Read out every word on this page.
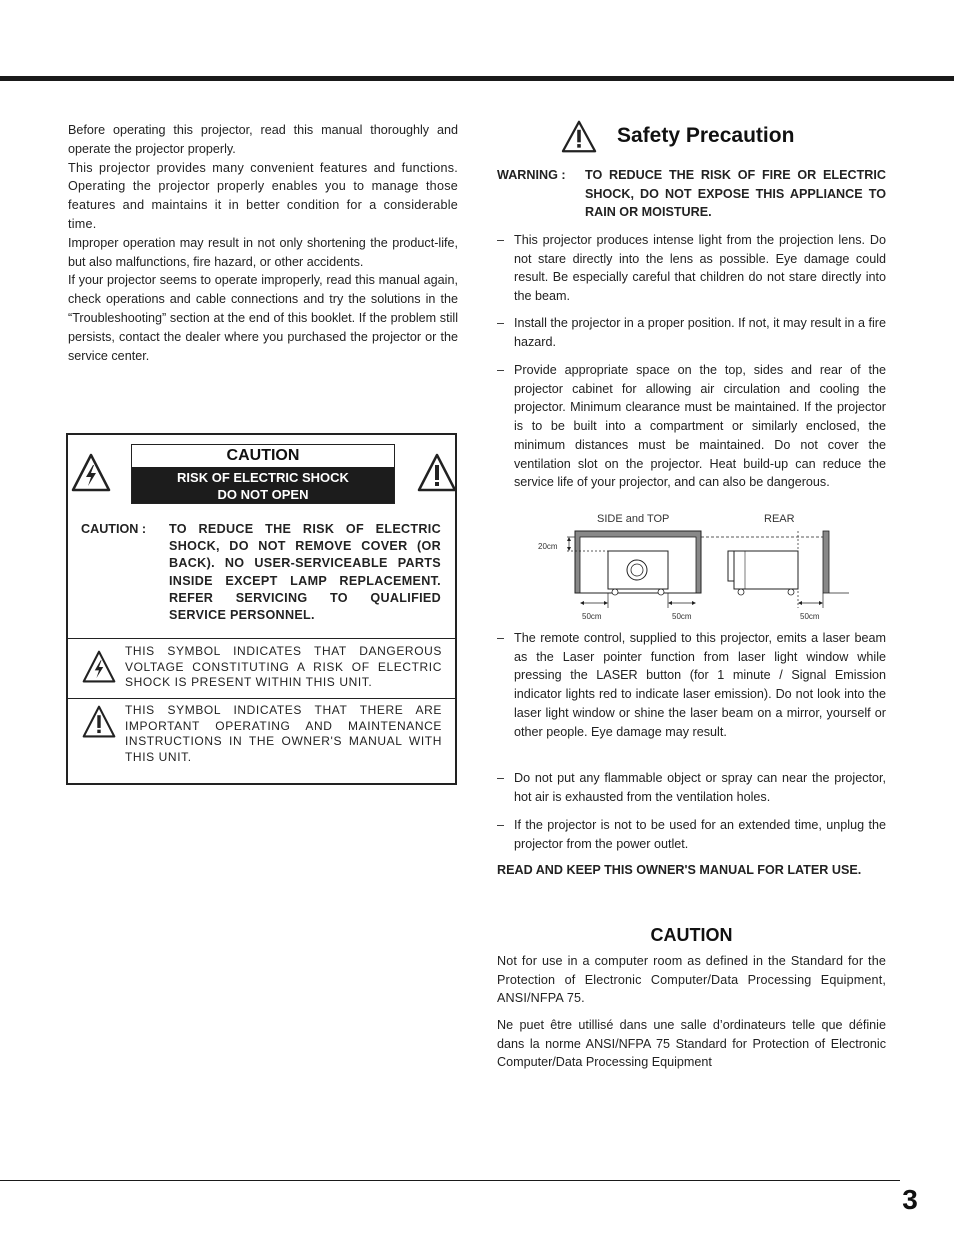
Before operating this projector, read this manual thoroughly and operate the projector properly.

This projector provides many convenient features and functions. Operating the projector properly enables you to manage those features and maintains it in better condition for a considerable time.

Improper operation may result in not only shortening the product-life, but also malfunctions, fire hazard, or other accidents.

If your projector seems to operate improperly, read this manual again, check operations and cable connections and try the solutions in the “Troubleshooting” section at the end of this booklet. If the problem still persists, contact the dealer where you purchased the projector or the service center.

CAUTION
RISK OF ELECTRIC SHOCK
DO NOT OPEN
CAUTION : TO REDUCE THE RISK OF ELECTRIC SHOCK, DO NOT REMOVE COVER (OR BACK). NO USER-SERVICEABLE PARTS INSIDE EXCEPT LAMP REPLACEMENT. REFER SERVICING TO QUALIFIED SERVICE PERSONNEL.
THIS SYMBOL INDICATES THAT DANGEROUS VOLTAGE CONSTITUTING A RISK OF ELECTRIC SHOCK IS PRESENT WITHIN THIS UNIT.
THIS SYMBOL INDICATES THAT THERE ARE IMPORTANT OPERATING AND MAINTENANCE INSTRUCTIONS IN THE OWNER'S MANUAL WITH THIS UNIT.
Safety Precaution
WARNING : TO REDUCE THE RISK OF FIRE OR ELECTRIC SHOCK, DO NOT EXPOSE THIS APPLIANCE TO RAIN OR MOISTURE.
– This projector produces intense light from the projection lens. Do not stare directly into the lens as possible. Eye damage could result. Be especially careful that children do not stare directly into the beam.
– Install the projector in a proper position. If not, it may result in a fire hazard.
– Provide appropriate space on the top, sides and rear of the projector cabinet for allowing air circulation and cooling the projector. Minimum clearance must be maintained. If the projector is to be built into a compartment or similarly enclosed, the minimum distances must be maintained. Do not cover the ventilation slot on the projector. Heat build-up can reduce the service life of your projector, and can also be dangerous.
– The remote control, supplied to this projector, emits a laser beam as the Laser pointer function from laser light window while pressing the LASER button (for 1 minute / Signal Emission indicator lights red to indicate laser emission). Do not look into the laser light window or shine the laser beam on a mirror, yourself or other people. Eye damage may result.
– Do not put any flammable object or spray can near the projector, hot air is exhausted from the ventilation holes.
– If the projector is not to be used for an extended time, unplug the projector from the power outlet.
READ AND KEEP THIS OWNER'S MANUAL FOR LATER USE.
CAUTION
Not for use in a computer room as defined in the Standard for the Protection of Electronic Computer/Data Processing Equipment, ANSI/NFPA 75.
Ne puet être utillisé dans une salle d’ordinateurs telle que définie dans la norme ANSI/NFPA 75 Standard for Protection of Electronic Computer/Data Processing Equipment
SIDE and TOP	REAR
20cm
50cm	50cm	50cm
3
